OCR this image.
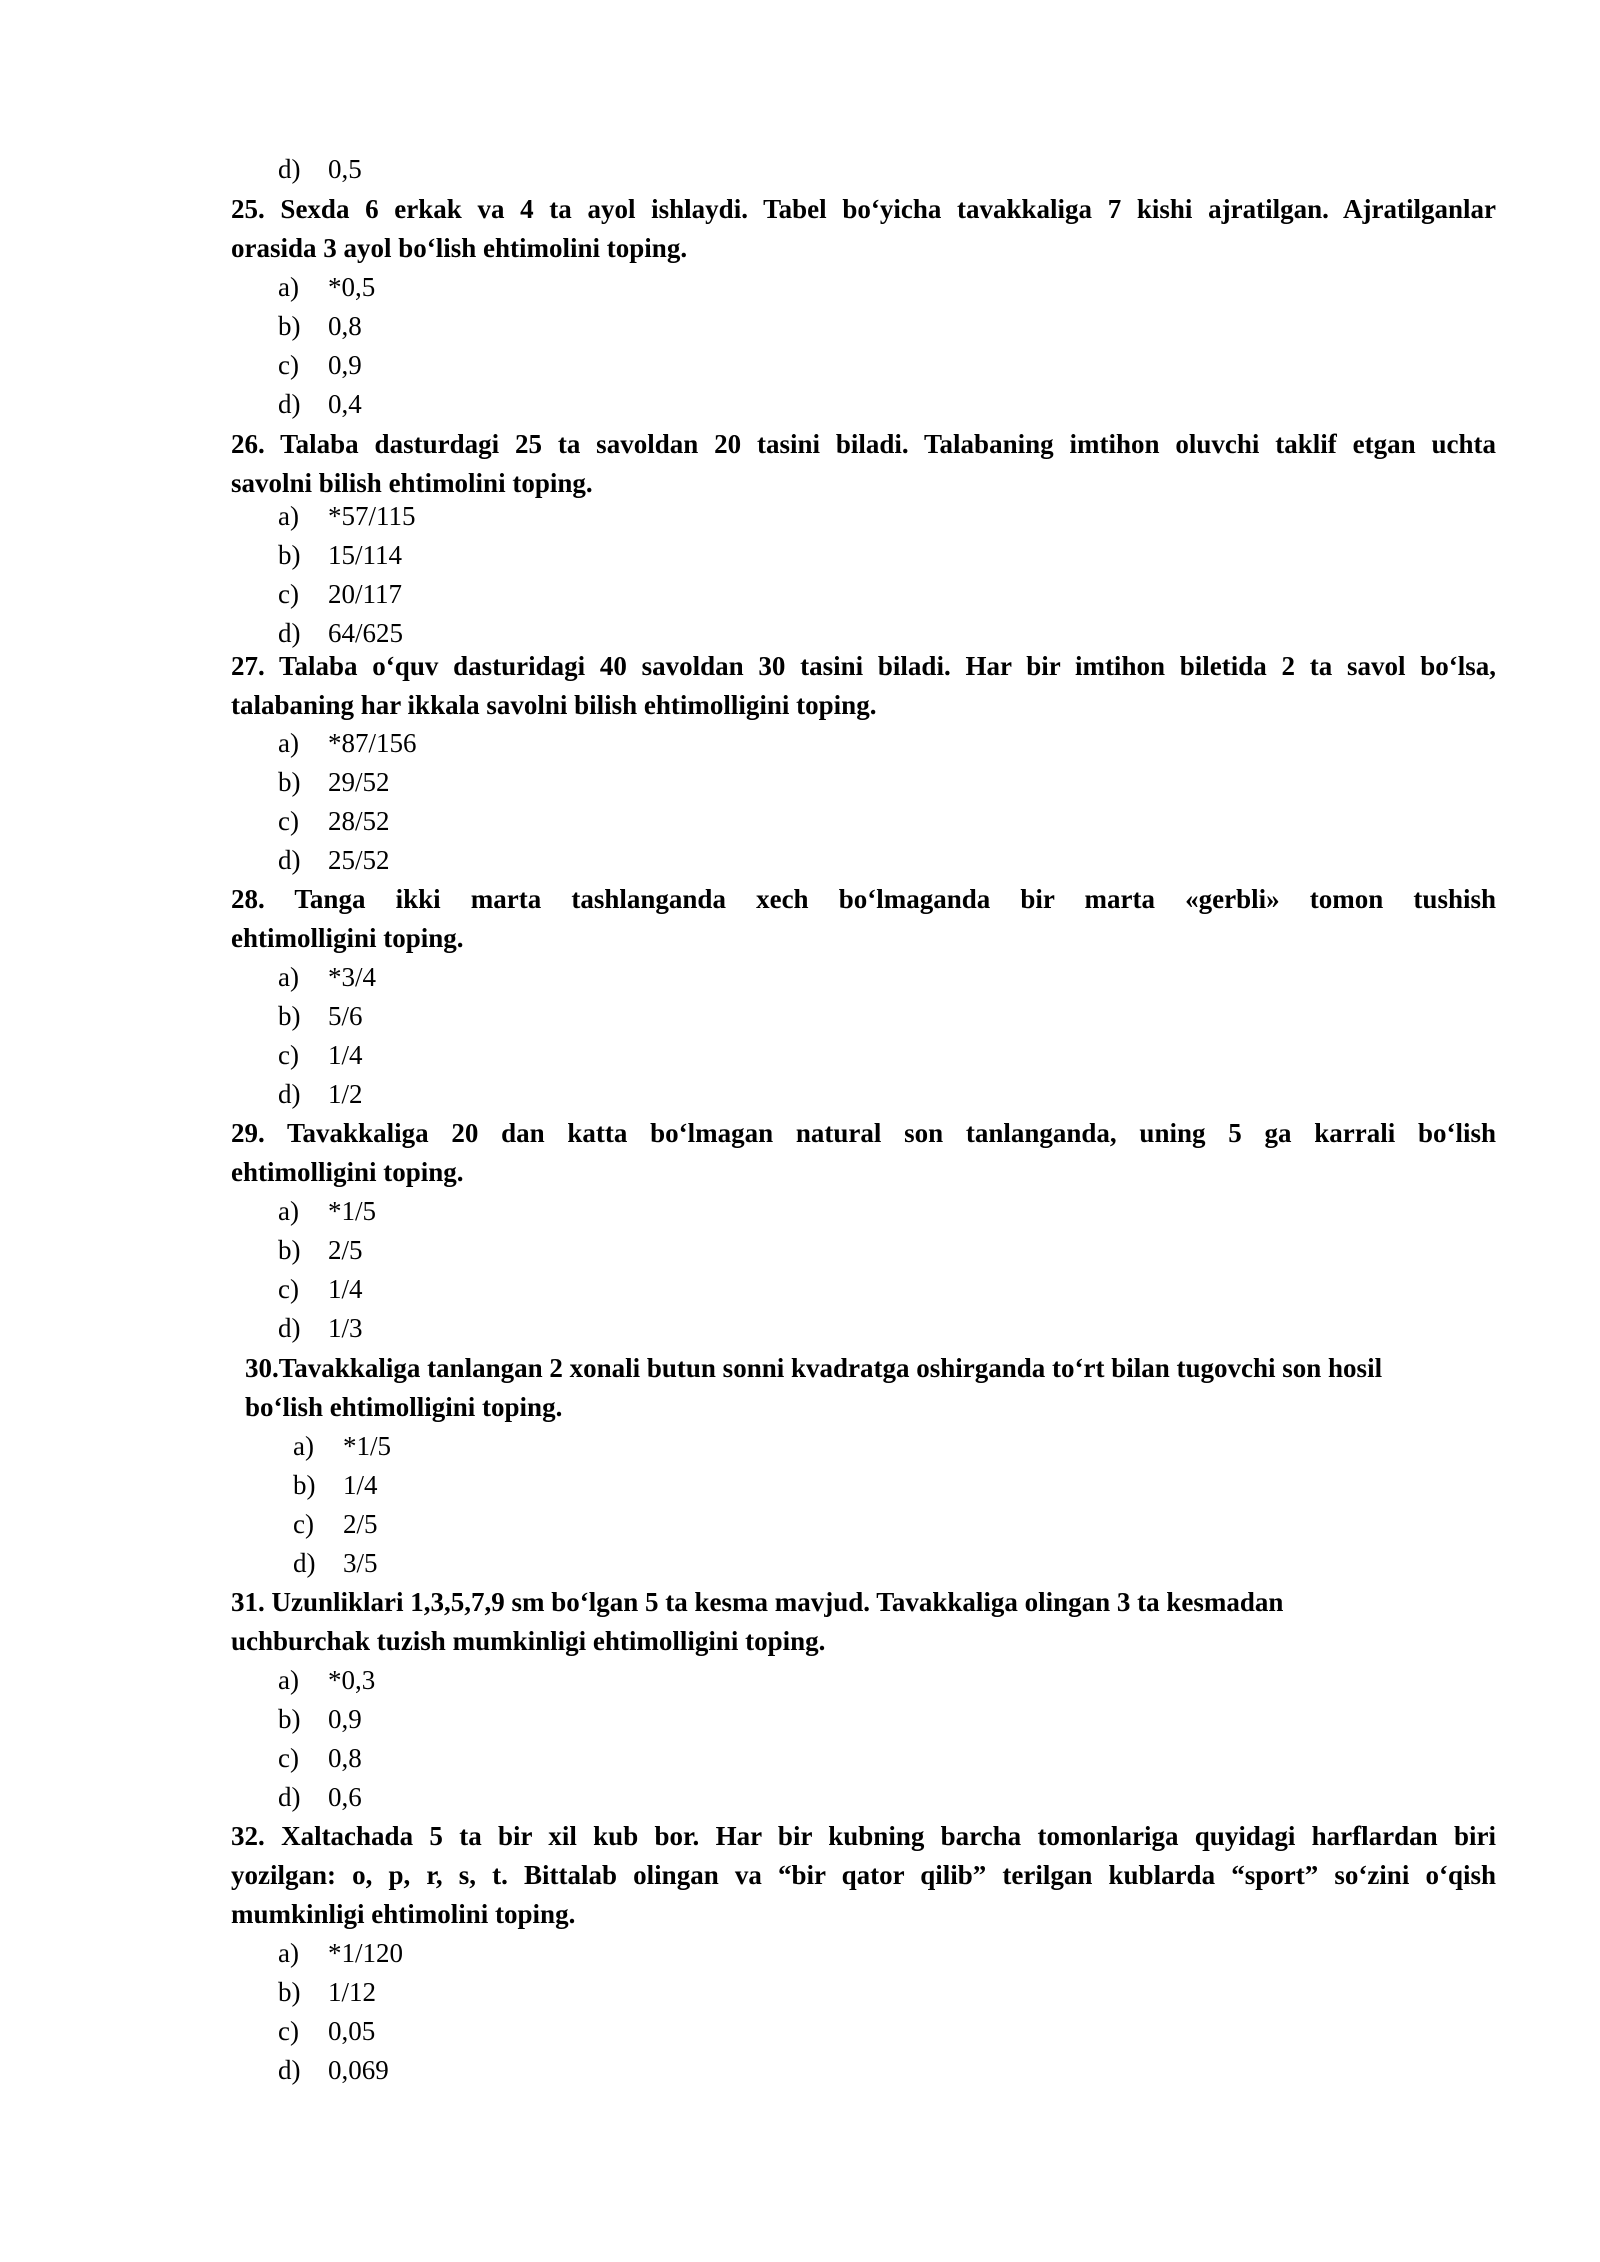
d) 0,5
25. Sexda 6 erkak va 4 ta ayol ishlaydi. Tabel bo‘yicha tavakkaliga 7 kishi ajratilgan. Ajratilganlar
orasida 3 ayol bo‘lish ehtimolini toping.
a) *0,5
b) 0,8
c) 0,9
d) 0,4
26. Talaba dasturdagi 25 ta savoldan 20 tasini biladi. Talabaning imtihon oluvchi taklif etgan uchta
savolni bilish ehtimolini toping.
a) *57/115
b) 15/114
c) 20/117
d) 64/625
27. Talaba o‘quv dasturidagi 40 savoldan 30 tasini biladi. Har bir imtihon biletida 2 ta savol bo‘lsa,
talabaning har ikkala savolni bilish ehtimolligini toping.
a) *87/156
b) 29/52
c) 28/52
d) 25/52
28. Tanga ikki marta tashlanganda xech bo‘lmaganda bir marta «gerbli» tomon tushish
ehtimolligini toping.
a) *3/4
b) 5/6
c) 1/4
d) 1/2
29. Tavakkaliga 20 dan katta bo‘lmagan natural son tanlanganda, uning 5 ga karrali bo‘lish
ehtimolligini toping.
a) *1/5
b) 2/5
c) 1/4
d) 1/3
30.Tavakkaliga tanlangan 2 xonali butun sonni kvadratga oshirganda to‘rt bilan tugovchi son hosil
bo‘lish ehtimolligini toping.
a) *1/5
b) 1/4
c) 2/5
d) 3/5
31. Uzunliklari 1,3,5,7,9 sm bo‘lgan 5 ta kesma mavjud. Tavakkaliga olingan 3 ta kesmadan
uchburchak tuzish mumkinligi ehtimolligini toping.
a) *0,3
b) 0,9
c) 0,8
d) 0,6
32. Xaltachada 5 ta bir xil kub bor. Har bir kubning barcha tomonlariga quyidagi harflardan biri
yozilgan: o, p, r, s, t. Bittalab olingan va “bir qator qilib” terilgan kublarda “sport” so‘zini o‘qish
mumkinligi ehtimolini toping.
a) *1/120
b) 1/12
c) 0,05
d) 0,069
